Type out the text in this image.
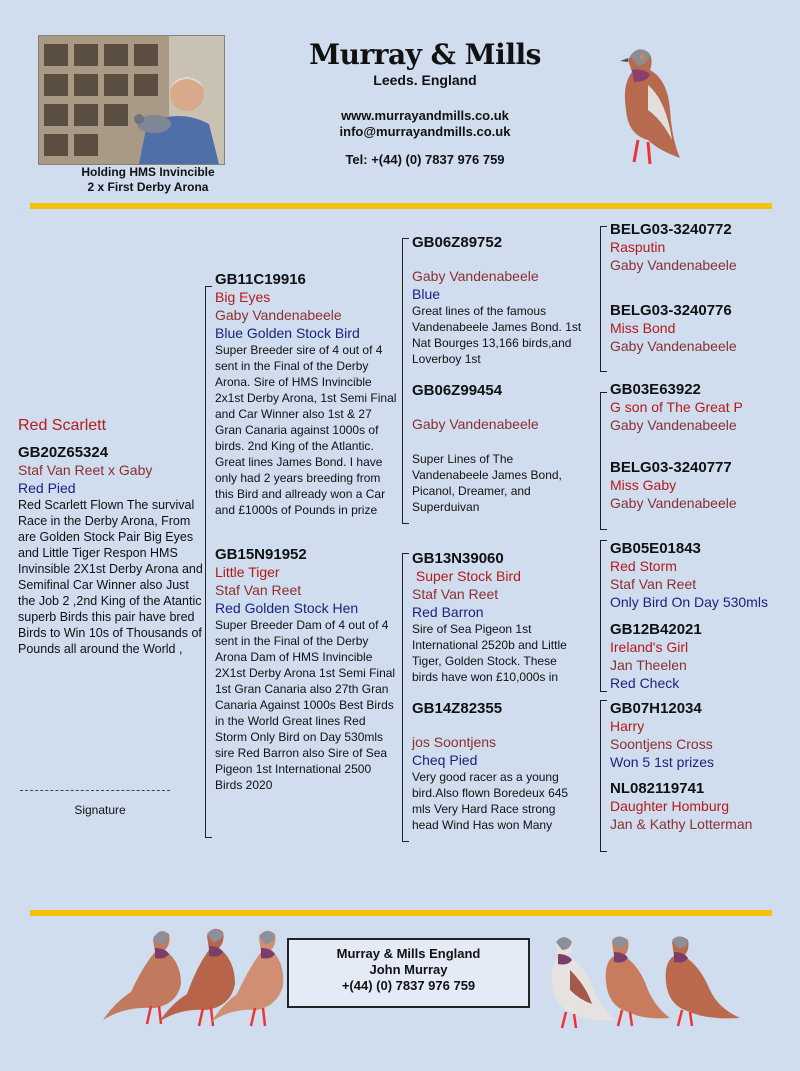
Holding HMS Invincible
2 x First Derby Arona
Murray & Mills
Leeds. England
www.murrayandmills.co.uk
info@murrayandmills.co.uk
Tel: +(44) (0) 7837 976 759
Red Scarlett
GB20Z65324
Staf Van Reet x Gaby
Red Pied
Red Scarlett Flown The survival Race in the Derby Arona, From are Golden Stock Pair Big Eyes and Little Tiger Respon HMS Invinsible 2X1st Derby Arona and Semifinal Car Winner also Just the Job 2 ,2nd King of the Atantic superb Birds this pair have bred Birds to Win 10s of Thousands of Pounds all around the World ,
Signature
GB11C19916
Big Eyes
Gaby Vandenabeele
Blue Golden Stock Bird
Super Breeder sire of 4 out of 4 sent in the Final of the Derby Arona. Sire of HMS Invincible 2x1st Derby Arona, 1st Semi Final and Car Winner also 1st & 27 Gran Canaria against 1000s of birds. 2nd King of the Atlantic. Great lines James Bond. I have only had 2 years breeding from this Bird and allready won a Car and £1000s of Pounds in prize
GB15N91952
Little Tiger
Staf Van Reet
Red Golden Stock Hen
Super Breeder Dam of 4 out of 4 sent in the Final of the Derby Arona Dam of HMS Invincible 2X1st Derby Arona 1st Semi Final
1st Gran Canaria also 27th Gran Canaria Against 1000s Best Birds in the World Great lines Red Storm Only Bird on Day 530mls sire Red Barron also Sire of Sea Pigeon 1st International 2500 Birds 2020
GB06Z89752
Gaby Vandenabeele
Blue
Great lines of the famous Vandenabeele James Bond. 1st Nat Bourges 13,166 birds,and Loverboy 1st
GB06Z99454
Gaby Vandenabeele
Super Lines of The Vandenabeele James Bond, Picanol, Dreamer, and Superduivan
GB13N39060
Super Stock Bird
Staf Van Reet
Red Barron
Sire of Sea Pigeon 1st International 2520b and Little Tiger, Golden Stock. These birds have won £10,000s in
GB14Z82355
jos Soontjens
Cheq Pied
Very good racer as a young bird.Also flown Boredeux 645 mls Very Hard Race strong head Wind Has won Many
BELG03-3240772
Rasputin
Gaby Vandenabeele
BELG03-3240776
Miss Bond
Gaby Vandenabeele
GB03E63922
G son of The Great P
Gaby Vandenabeele
BELG03-3240777
Miss Gaby
Gaby Vandenabeele
GB05E01843
Red Storm
Staf Van Reet
Only Bird On Day 530mls
GB12B42021
Ireland's Girl
Jan Theelen
Red Check
GB07H12034
Harry
Soontjens Cross
Won 5 1st prizes
NL082119741
Daughter Homburg
Jan & Kathy Lotterman
Murray & Mills England
John Murray
+(44) (0) 7837 976 759
